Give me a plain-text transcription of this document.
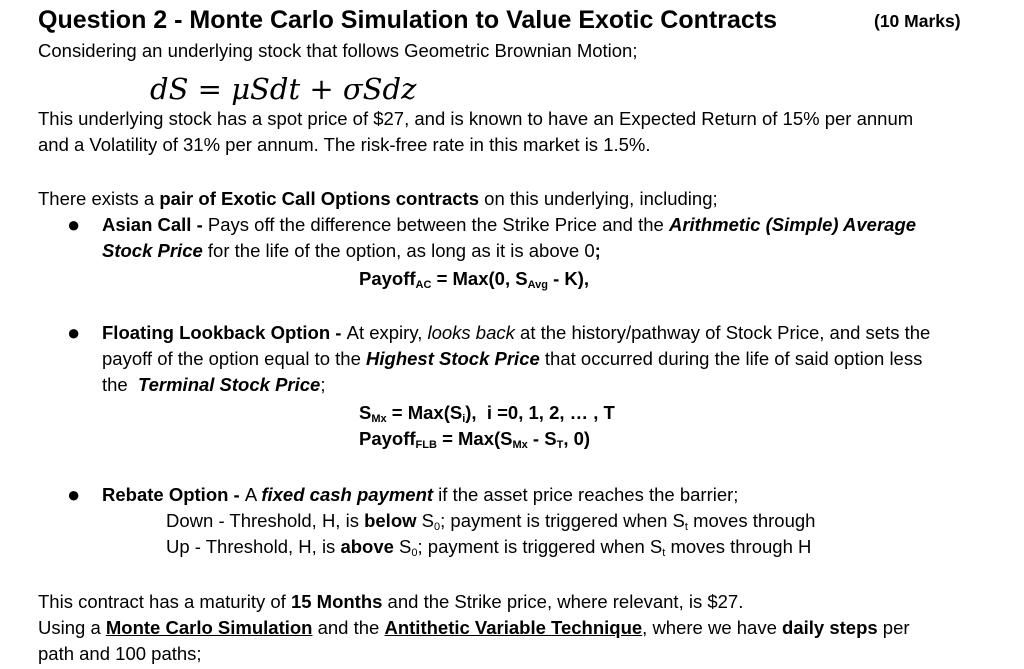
Question 2 - Monte Carlo Simulation to Value Exotic Contracts	(10 Marks)
Considering an underlying stock that follows Geometric Brownian Motion;
dS = μSdt + σSdz
This underlying stock has a spot price of $27, and is known to have an Expected Return of 15% per annum
and a Volatility of 31% per annum. The risk-free rate in this market is 1.5%.
There exists a pair of Exotic Call Options contracts on this underlying, including;
● Asian Call - Pays off the difference between the Strike Price and the Arithmetic (Simple) Average
Stock Price for the life of the option, as long as it is above 0;
Payoff$_{AC}$ = Max(0, $S_{Avg} - K$),
● Floating Lookback Option - At expiry, looks back at the history/pathway of Stock Price, and sets the
payoff of the option equal to the Highest Stock Price that occurred during the life of said option less
the  Terminal Stock Price;
$S_{Mx} = Max(S_i)$,  i =0, 1, 2, … , T
Payoff$_{FLB}$ = $Max(S_{Mx} - S_T$, 0)
● Rebate Option - A fixed cash payment if the asset price reaches the barrier;
Down - Threshold, H, is below $S_0$; payment is triggered when $S_t$ moves through
Up - Threshold, H, is above $S_0$; payment is triggered when $S_t$ moves through H
This contract has a maturity of 15 Months and the Strike price, where relevant, is $27.
Using a Monte Carlo Simulation and the Antithetic Variable Technique, where we have daily steps per
path and 100 paths;
